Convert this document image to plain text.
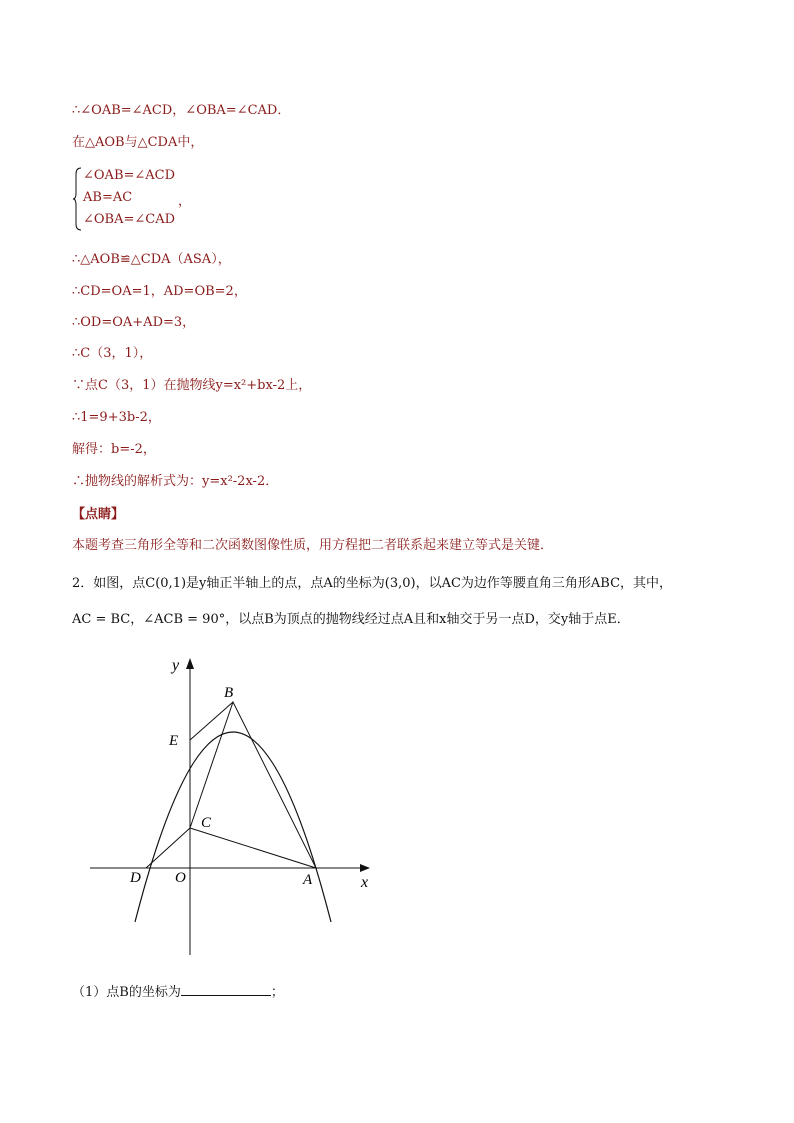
∴∠OAB=∠ACD，∠OBA=∠CAD．
在△AOB与△CDA中，
∠OAB=∠ACD
AB=AC
∠OBA=∠CAD
，
∴△AOB≌△CDA（ASA），
∴CD=OA=1，AD=OB=2，
∴OD=OA+AD=3，
∴C（3，1），
∵点C（3，1）在抛物线y=x²+bx-2上，
∴1=9+3b-2，
解得：b=-2，
∴抛物线的解析式为：y=x²-2x-2．
【点睛】
本题考查三角形全等和二次函数图像性质，用方程把二者联系起来建立等式是关键．
2．如图，点C(0,1)是y轴正半轴上的点，点A的坐标为(3,0)，以AC为边作等腰直角三角形ABC，其中，
AC = BC，∠ACB = 90°，以点B为顶点的抛物线经过点A且和x轴交于另一点D，交y轴于点E．
y
x
B
E
C
D O	A
（1）点B的坐标为	；
